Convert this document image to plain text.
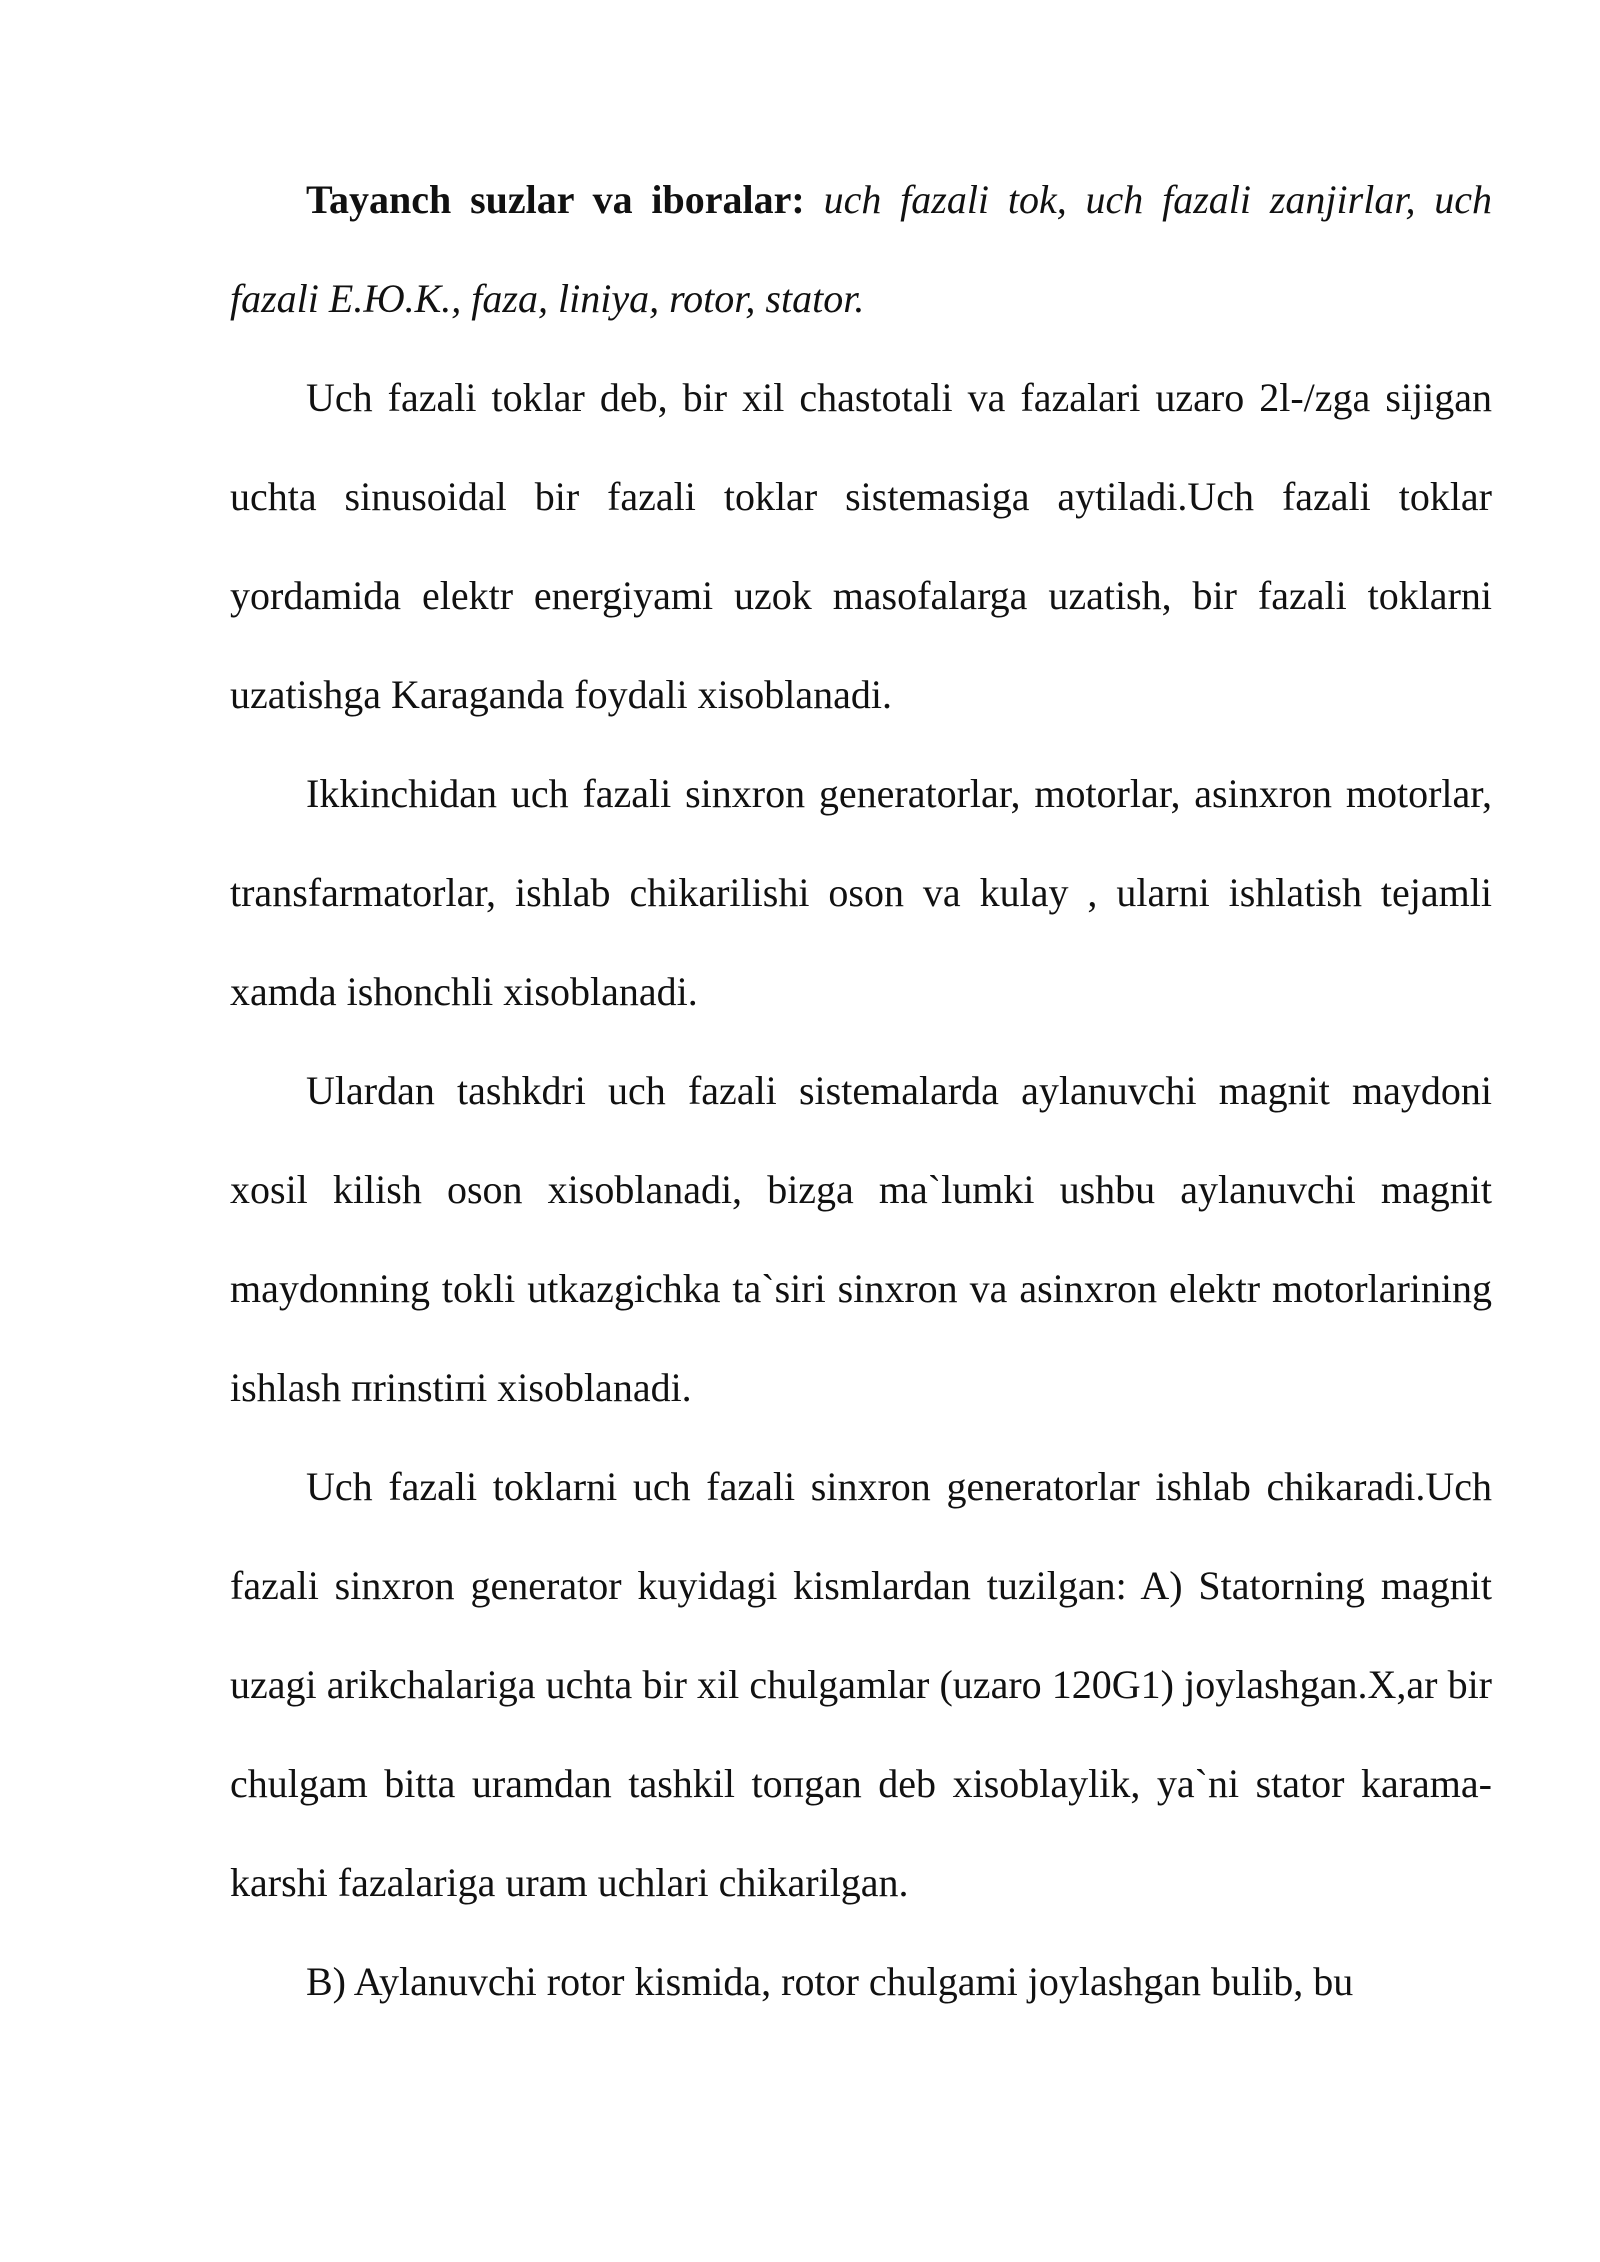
Tayanch suzlar va iboralar: uch fazali tok, uch fazali zanjirlar, uch fazali E.Ю.K., faza, liniya, rotor, stator.

Uch fazali toklar deb, bir xil chastotali va fazalari uzaro 2l-/zga sijigan uchta sinusoidal bir fazali toklar sistemasiga aytiladi.Uch fazali toklar yordamida elektr energiyami uzok masofalarga uzatish, bir fazali toklarni uzatishga Karaganda foydali xisoblanadi.

Ikkinchidan uch fazali sinxron generatorlar, motorlar, asinxron motorlar, transfarmatorlar, ishlab chikarilishi oson va kulay , ularni ishlatish tejamli xamda ishonchli xisoblanadi.

Ulardan tashkdri uch fazali sistemalarda aylanuvchi magnit maydoni xosil kilish oson xisoblanadi, bizga ma`lumki ushbu aylanuvchi magnit maydonning tokli utkazgichka ta`siri sinxron va asinxron elektr motorlarining ishlash пrinstiпi xisoblanadi.

Uch fazali toklarni uch fazali sinxron generatorlar ishlab chikaradi.Uch fazali sinxron generator kuyidagi kismlardan tuzilgan: A) Statorning magnit uzagi arikchalariga uchta bir xil chulgamlar (uzaro 120G1) joylashgan.X,ar bir chulgam bitta uramdan tashkil toпgan deb xisoblaylik, ya`ni stator karama-karshi fazalariga uram uchlari chikarilgan.

B) Aylanuvchi rotor kismida, rotor chulgami joylashgan bulib, bu
